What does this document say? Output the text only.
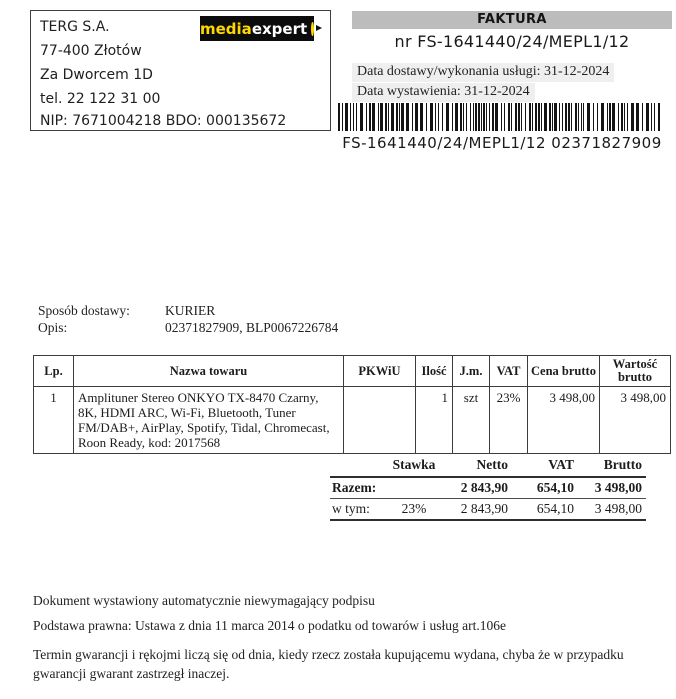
TERG S.A.
77-400 Złotów
Za Dworcem 1D
tel. 22 122 31 00
NIP: 7671004218 BDO: 000135672
media expert	FAKTURA
nr FS-1641440/24/MEPL1/12
Data dostawy/wykonania usługi: 31-12-2024
Data wystawienia: 31-12-2024
FS-1641440/24/MEPL1/12 02371827909
Sposób dostawy:	KURIER
Opis:	02371827909, BLP0067226784
Lp.	Nazwa towaru	PKWiU	Ilość	J.m.	VAT	Cena brutto	Wartość brutto
1	Amplituner Stereo ONKYO TX-8470 Czarny, 8K, HDMI ARC, Wi-Fi, Bluetooth, Tuner FM/DAB+, AirPlay, Spotify, Tidal, Chromecast, Roon Ready, kod: 2017568		1	szt	23%	3 498,00	3 498,00
	Stawka	Netto	VAT	Brutto
Razem:		2 843,90	654,10	3 498,00
w tym:	23%	2 843,90	654,10	3 498,00
Dokument wystawiony automatycznie niewymagający podpisu
Podstawa prawna: Ustawa z dnia 11 marca 2014 o podatku od towarów i usług art.106e
Termin gwarancji i rękojmi liczą się od dnia, kiedy rzecz została kupującemu wydana, chyba że w przypadku gwarancji gwarant zastrzegł inaczej.
